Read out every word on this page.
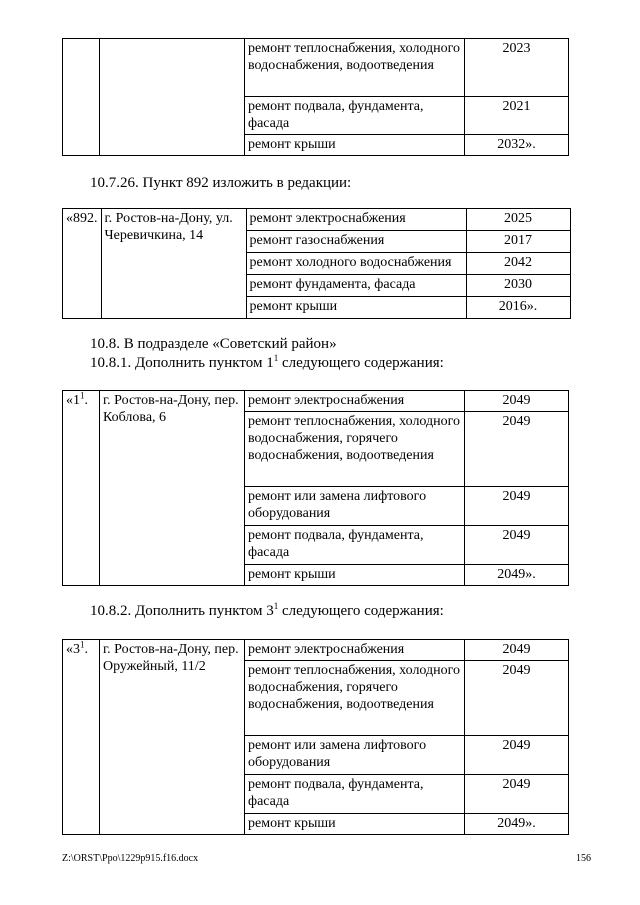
		ремонт теплоснабжения, холодного водоснабжения, водоотведения	2023
		ремонт подвала, фундамента, фасада	2021
		ремонт крыши	2032».
10.7.26. Пункт 892 изложить в редакции:
«892.	г. Ростов-на-Дону, ул. Черевичкина, 14	ремонт электроснабжения	2025
		ремонт газоснабжения	2017
		ремонт холодного водоснабжения	2042
		ремонт фундамента, фасада	2030
		ремонт крыши	2016».
10.8. В подразделе «Советский район»
10.8.1. Дополнить пунктом $1^1$ следующего содержания:
«$1^1$.	г. Ростов-на-Дону, пер. Коблова, 6	ремонт электроснабжения	2049
		ремонт теплоснабжения, холодного водоснабжения, горячего водоснабжения, водоотведения	2049
		ремонт или замена лифтового оборудования	2049
		ремонт подвала, фундамента, фасада	2049
		ремонт крыши	2049».
10.8.2. Дополнить пунктом $3^1$ следующего содержания:
«$3^1$.	г. Ростов-на-Дону, пер. Оружейный, 11/2	ремонт электроснабжения	2049
		ремонт теплоснабжения, холодного водоснабжения, горячего водоснабжения, водоотведения	2049
		ремонт или замена лифтового оборудования	2049
		ремонт подвала, фундамента, фасада	2049
		ремонт крыши	2049».
Z:\ORST\Ppo\1229p915.f16.docx	156
